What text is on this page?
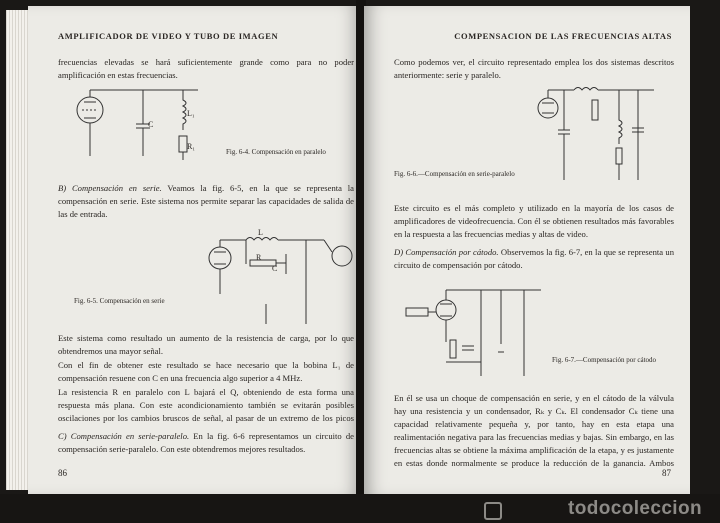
AMPLIFICADOR DE VIDEO Y TUBO DE IMAGEN
frecuencias elevadas se hará suficientemente grande como para no poder amplificación en estas frecuencias.
C
L₁
R₁
Fig. 6-4. Compensación en paralelo
B) Compensación en serie. Veamos la fig. 6-5, en la que se representa la compensación en serie. Este sistema nos permite separar las capacidades de salida de las de entrada.
L
C
R
Fig. 6-5. Compensación en serie
Este sistema como resultado un aumento de la resistencia de carga, por lo que obtendremos una mayor señal.
Con el fin de obtener este resultado se hace necesario que la bobina L₁ de compensación resuene con C en una frecuencia algo superior a 4 MHz.
La resistencia R en paralelo con L bajará el Q, obteniendo de esta forma una respuesta más plana. Con este acondicionamiento también se evitarán posibles oscilaciones por los cambios bruscos de señal, al pasar de un extremo de los picos
C) Compensación en serie-paralelo. En la fig. 6-6 representamos un circuito de compensación serie-paralelo. Con este obtendremos mejores resultados.
86
COMPENSACION DE LAS FRECUENCIAS ALTAS
Como podemos ver, el circuito representado emplea los dos sistemas descritos anteriormente: serie y paralelo.
Fig. 6-6.—Compensación en serie-paralelo
Este circuito es el más completo y utilizado en la mayoría de los casos de amplificadores de videofrecuencia. Con él se obtienen resultados más favorables en la respuesta a las frecuencias medias y altas de video.
D) Compensación por cátodo. Observemos la fig. 6-7, en la que se representa un circuito de compensación por cátodo.
Fig. 6-7.—Compensación por cátodo
En él se usa un choque de compensación en serie, y en el cátodo de la válvula hay una resistencia y un condensador, Rₖ y Cₖ. El condensador Cₖ tiene una capacidad relativamente pequeña y, por tanto, hay en esta etapa una realimentación negativa para las frecuencias medias y bajas. Sin embargo, en las frecuencias altas se obtiene la máxima amplificación de la etapa, y es justamente en estas donde normalmente se produce la reducción de la ganancia. Ambos
87
todocoleccion
